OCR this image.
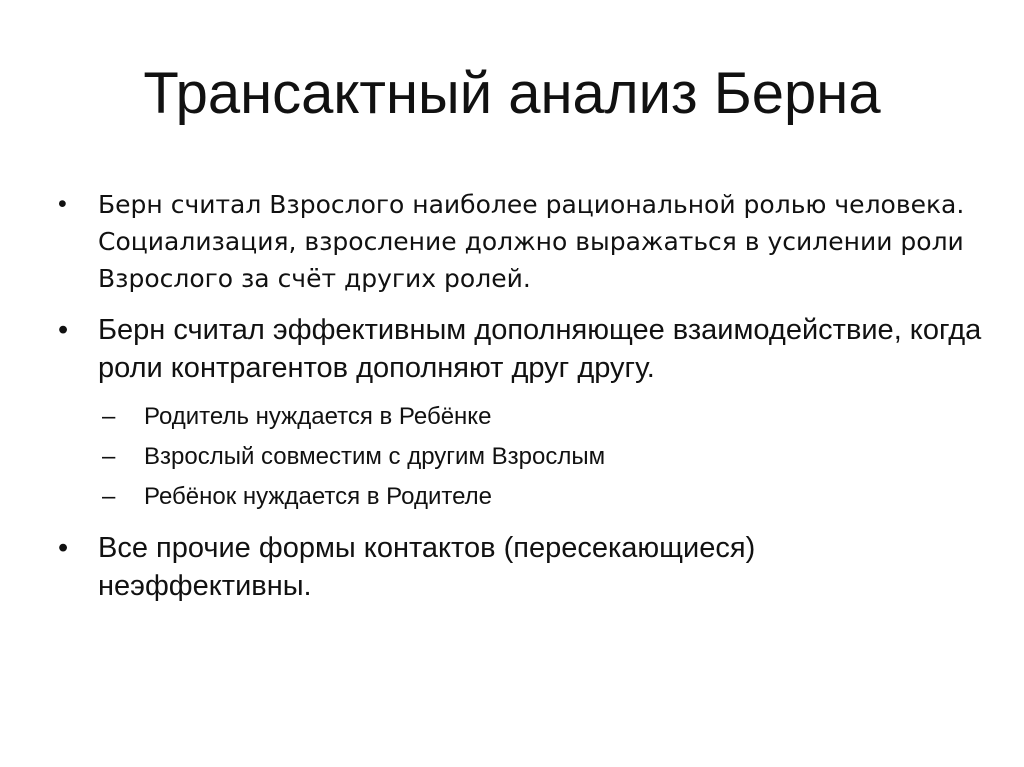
Трансактный анализ Берна
• Берн считал Взрослого наиболее рациональной ролью человека. Социализация, взросление должно выражаться в усилении роли Взрослого за счёт других ролей.
• Берн считал эффективным дополняющее взаимодействие, когда роли контрагентов дополняют друг другу.
– Родитель нуждается в Ребёнке
– Взрослый совместим с другим Взрослым
– Ребёнок нуждается в Родителе
• Все прочие формы контактов (пересекающиеся) неэффективны.
